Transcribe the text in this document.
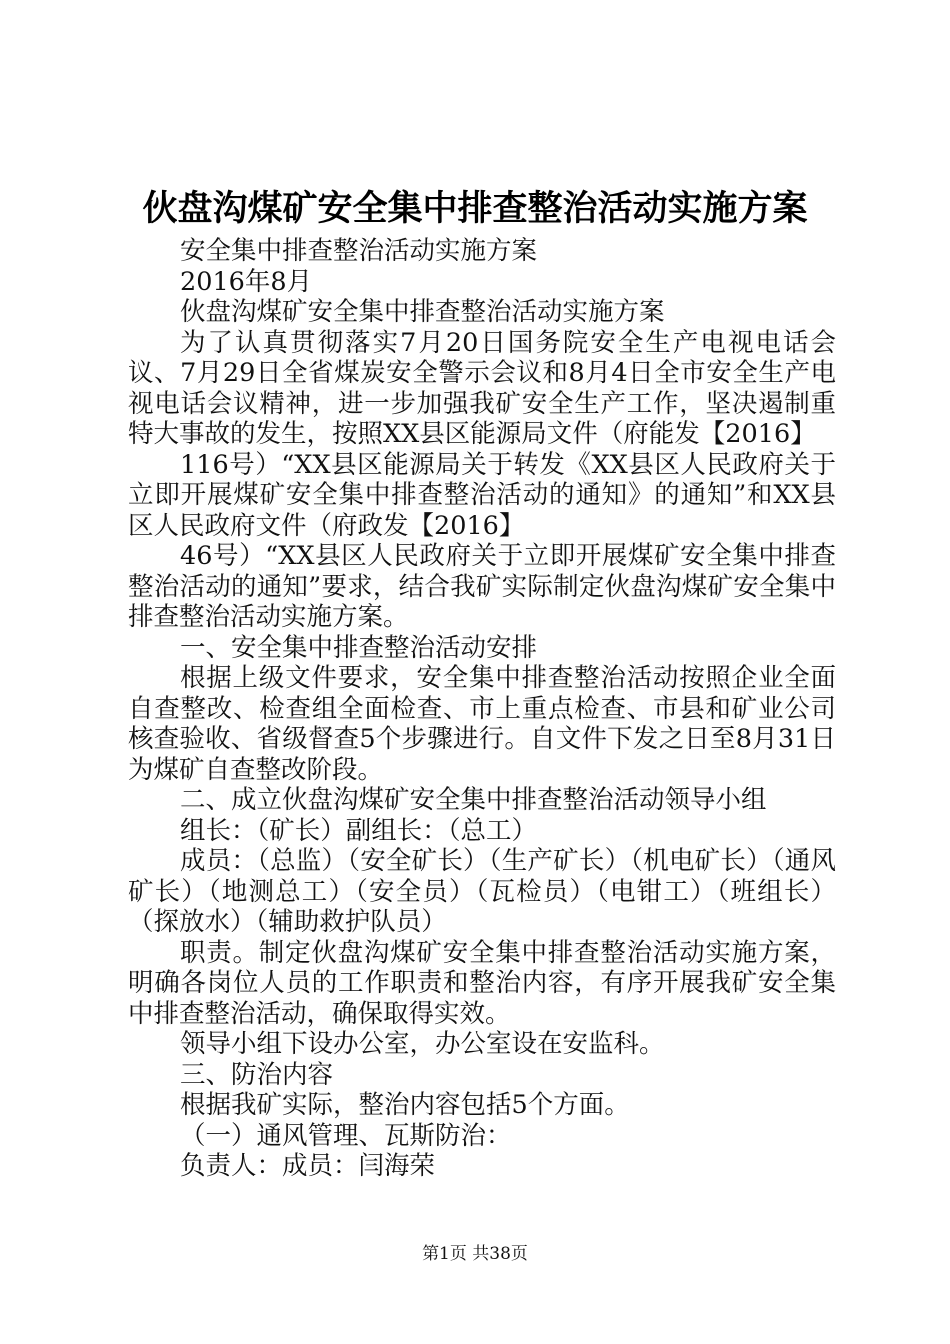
伙盘沟煤矿安全集中排查整治活动实施方案

安全集中排查整治活动实施方案

2016年8月

伙盘沟煤矿安全集中排查整治活动实施方案

为了认真贯彻落实7月20日国务院安全生产电视电话会议、7月29日全省煤炭安全警示会议和8月4日全市安全生产电视电话会议精神，进一步加强我矿安全生产工作，坚决遏制重特大事故的发生，按照XX县区能源局文件（府能发【2016】

116号）“XX县区能源局关于转发《XX县区人民政府关于立即开展煤矿安全集中排查整治活动的通知》的通知”和XX县区人民政府文件（府政发【2016】

46号）“XX县区人民政府关于立即开展煤矿安全集中排查整治活动的通知”要求，结合我矿实际制定伙盘沟煤矿安全集中排查整治活动实施方案。

一、安全集中排查整治活动安排

根据上级文件要求，安全集中排查整治活动按照企业全面自查整改、检查组全面检查、市上重点检查、市县和矿业公司核查验收、省级督查5个步骤进行。自文件下发之日至8月31日为煤矿自查整改阶段。

二、成立伙盘沟煤矿安全集中排查整治活动领导小组

组长：（矿长）副组长：（总工）

成员：（总监）（安全矿长）（生产矿长）（机电矿长）（通风矿长）（地测总工）（安全员）（瓦检员）（电钳工）（班组长）（探放水）（辅助救护队员）

职责。制定伙盘沟煤矿安全集中排查整治活动实施方案，明确各岗位人员的工作职责和整治内容，有序开展我矿安全集中排查整治活动，确保取得实效。

领导小组下设办公室，办公室设在安监科。

三、防治内容

根据我矿实际，整治内容包括5个方面。

（一）通风管理、瓦斯防治：

负责人：成员：闫海荣

第1页 共38页
